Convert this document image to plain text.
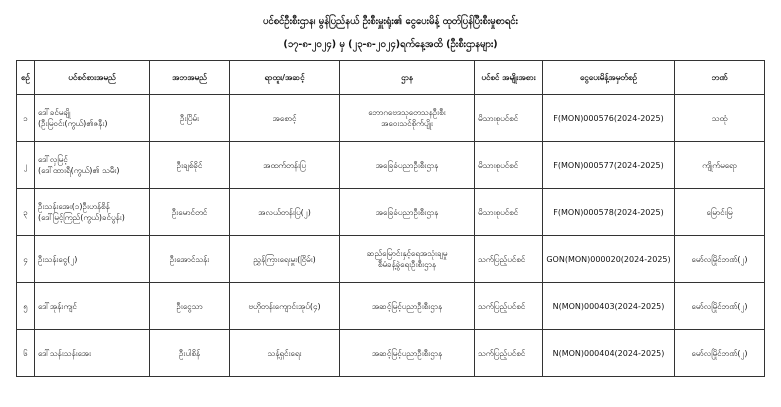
ပင်စင်ဦးစီးဌာန၊ မွန်ပြည်နယ် ဦးစီးမှူးရုံး၏ ငွေပေးမိန့် ထုတ်ပြန်ပြီးစီးမှုစာရင်း
(၁၇-၈-၂၀၂၄) မှ (၂၃-၈-၂၀၂၄)ရက်နေ့အထိ (ဦးစီးဌာနများ)
စဉ်	ပင်စင်စားအမည်	အဘအမည်	ရာထူး/အဆင့်	ဌာန	ပင်စင် အမျိုးအစား	ငွေပေးမိန့်အမှတ်စဉ်	ဘဏ်
၁	ဒေါ်ခင်မချို
(ဦးမြဝင်း(ကွယ်)၏ဇနီး)	ဦးပြိမ်း	အစောင့်	ဘောဂဗေဒသုတေသနဦးစီး
အဝေးသင်စိုက်ပျိုး	မိသားစုပင်စင်	F(MON)000576(2024-2025)	သထုံ
၂	ဒေါ်လှမြင့်
(ဒေါ်ထားရီ(ကွယ်)၏ သမီး)	ဦးချစ်ခိုင်	အထက်တန်းပြ	အခြေခံပညာဦးစီးဌာန	မိသားစုပင်စင်	F(MON)000577(2024-2025)	ကျိုက်မရော
၃	ဦးသန်းအေး(၁)ဦးဟန်စိန်
(ဒေါ်မြင့်ကြည်(ကွယ်)ခင်ပွန်း)	ဦးမောင်တင်	အလယ်တန်းပြ(၂)	အခြေခံပညာဦးစီးဌာန	မိသားစုပင်စင်	F(MON)000578(2024-2025)	မြောင်းမြ
၄	ဦးသန်းငွေ(၂)	ဦးအောင်သန်း	ညွှန်ကြားရေးမှူး(ငြိမ်း)	ဆည်မြောင်းနှင့်ရေအသုံးချမှု
စီမံခန့်ခွဲရေးဦးစီးဌာန	သက်ပြည့်ပင်စင်	GON(MON)000020(2024-2025)	မော်လမြိုင်ဘဏ်(၂)
၅	ဒေါ်အုန်းကျင်	ဦးငွေသာ	ဗဟိုတန်းကျောင်းအုပ်(၄)	အဆင့်မြင့်ပညာဦးစီးဌာန	သက်ပြည့်ပင်စင်	N(MON)000403(2024-2025)	မော်လမြိုင်ဘဏ်(၂)
၆	ဒေါ်သန်းသန်းအေး	ဦးပါစိန်	သန့်ရှင်းရေး	အဆင့်မြင့်ပညာဦးစီးဌာန	သက်ပြည့်ပင်စင်	N(MON)000404(2024-2025)	မော်လမြိုင်ဘဏ်(၂)
